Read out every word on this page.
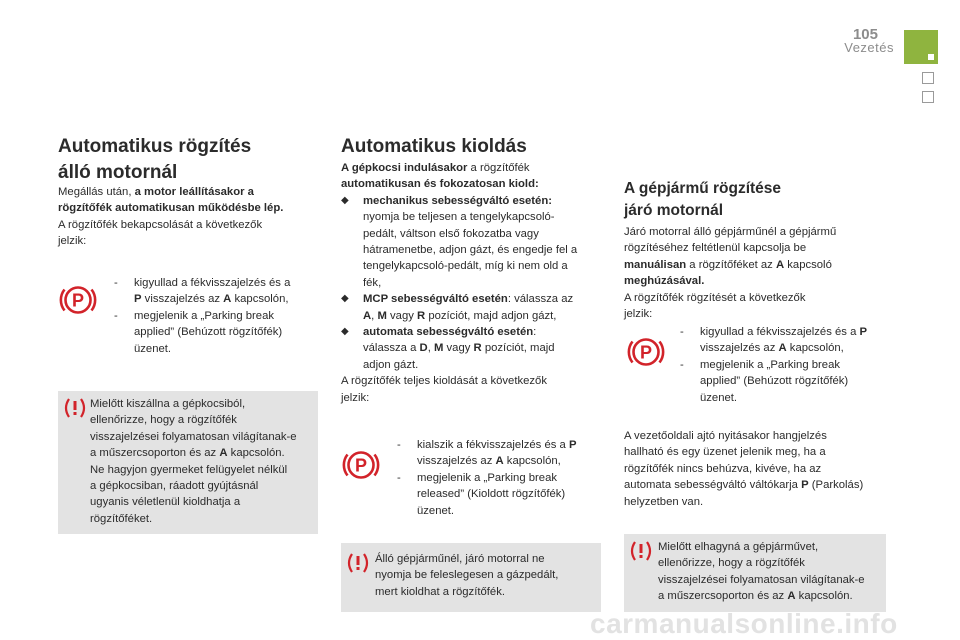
105
Vezetés
Automatikus rögzítés
álló motornál
Megállás után, a motor leállításakor a
rögzítőfék automatikusan működésbe lép.
A rögzítőfék bekapcsolását a következők
jelzik:
P
- kigyullad a fékvisszajelzés és a
P visszajelzés az A kapcsolón,
- megjelenik a „Parking break
applied” (Behúzott rögzítőfék)
üzenet.
Mielőtt kiszállna a gépkocsiból,
ellenőrizze, hogy a rögzítőfék
visszajelzései folyamatosan világítanak-e
a műszercsoporton és az A kapcsolón.
Ne hagyjon gyermeket felügyelet nélkül
a gépkocsiban, ráadott gyújtásnál
ugyanis véletlenül kioldhatja a
rögzítőféket.
Automatikus kioldás
A gépkocsi indulásakor a rögzítőfék
automatikusan és fokozatosan kiold:
◆ mechanikus sebességváltó esetén:
nyomja be teljesen a tengelykapcsoló-
pedált, váltson első fokozatba vagy
hátramenetbe, adjon gázt, és engedje fel a
tengelykapcsoló-pedált, míg ki nem old a
fék,
◆ MCP sebességváltó esetén: válassza az
A, M vagy R pozíciót, majd adjon gázt,
◆ automata sebességváltó esetén:
válassza a D, M vagy R pozíciót, majd
adjon gázt.
A rögzítőfék teljes kioldását a következők
jelzik:
P
- kialszik a fékvisszajelzés és a P
visszajelzés az A kapcsolón,
- megjelenik a „Parking break
released” (Kioldott rögzítőfék)
üzenet.
Álló gépjárműnél, járó motorral ne
nyomja be feleslegesen a gázpedált,
mert kioldhat a rögzítőfék.
A gépjármű rögzítése
járó motornál
Járó motorral álló gépjárműnél a gépjármű
rögzítéséhez feltétlenül kapcsolja be
manuálisan a rögzítőféket az A kapcsoló
meghúzásával.
A rögzítőfék rögzítését a következők
jelzik:
P
- kigyullad a fékvisszajelzés és a P
visszajelzés az A kapcsolón,
- megjelenik a „Parking break
applied” (Behúzott rögzítőfék)
üzenet.
A vezetőoldali ajtó nyitásakor hangjelzés
hallható és egy üzenet jelenik meg, ha a
rögzítőfék nincs behúzva, kivéve, ha az
automata sebességváltó váltókarja P (Parkolás)
helyzetben van.
Mielőtt elhagyná a gépjárművet,
ellenőrizze, hogy a rögzítőfék
visszajelzései folyamatosan világítanak-e
a műszercsoporton és az A kapcsolón.
carmanualsonline.info
